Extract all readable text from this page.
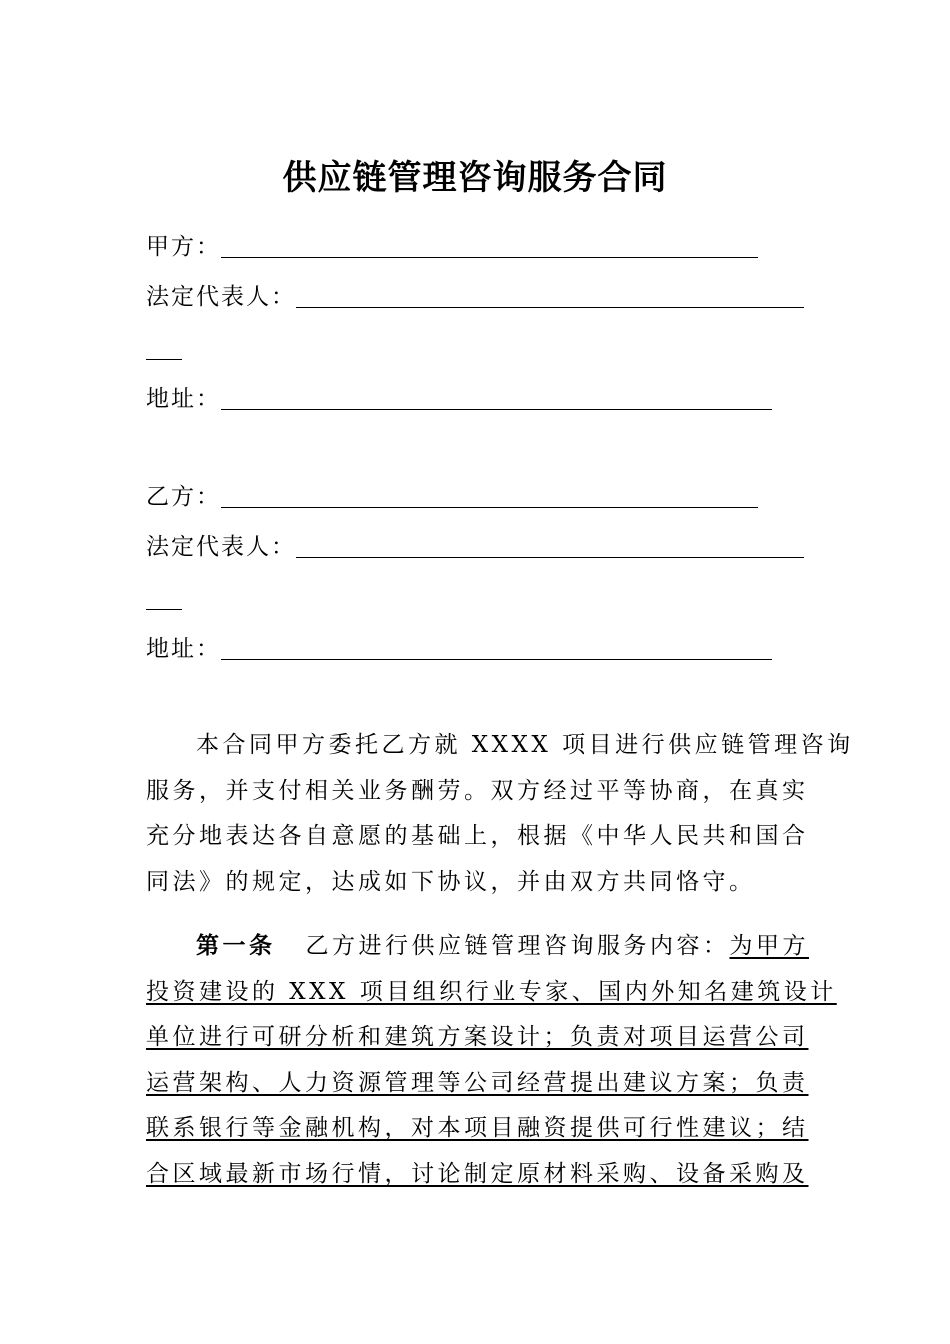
供应链管理咨询服务合同
甲方：
法定代表人：
地址：
乙方：
法定代表人：
地址：
本合同甲方委托乙方就 XXXX 项目进行供应链管理咨询
服务，并支付相关业务酬劳。双方经过平等协商，在真实
充分地表达各自意愿的基础上，根据《中华人民共和国合
同法》的规定，达成如下协议，并由双方共同恪守。
第一条 乙方进行供应链管理咨询服务内容：为甲方
投资建设的 XXX 项目组织行业专家、国内外知名建筑设计
单位进行可研分析和建筑方案设计；负责对项目运营公司
运营架构、人力资源管理等公司经营提出建议方案；负责
联系银行等金融机构，对本项目融资提供可行性建议；结
合区域最新市场行情，讨论制定原材料采购、设备采购及
